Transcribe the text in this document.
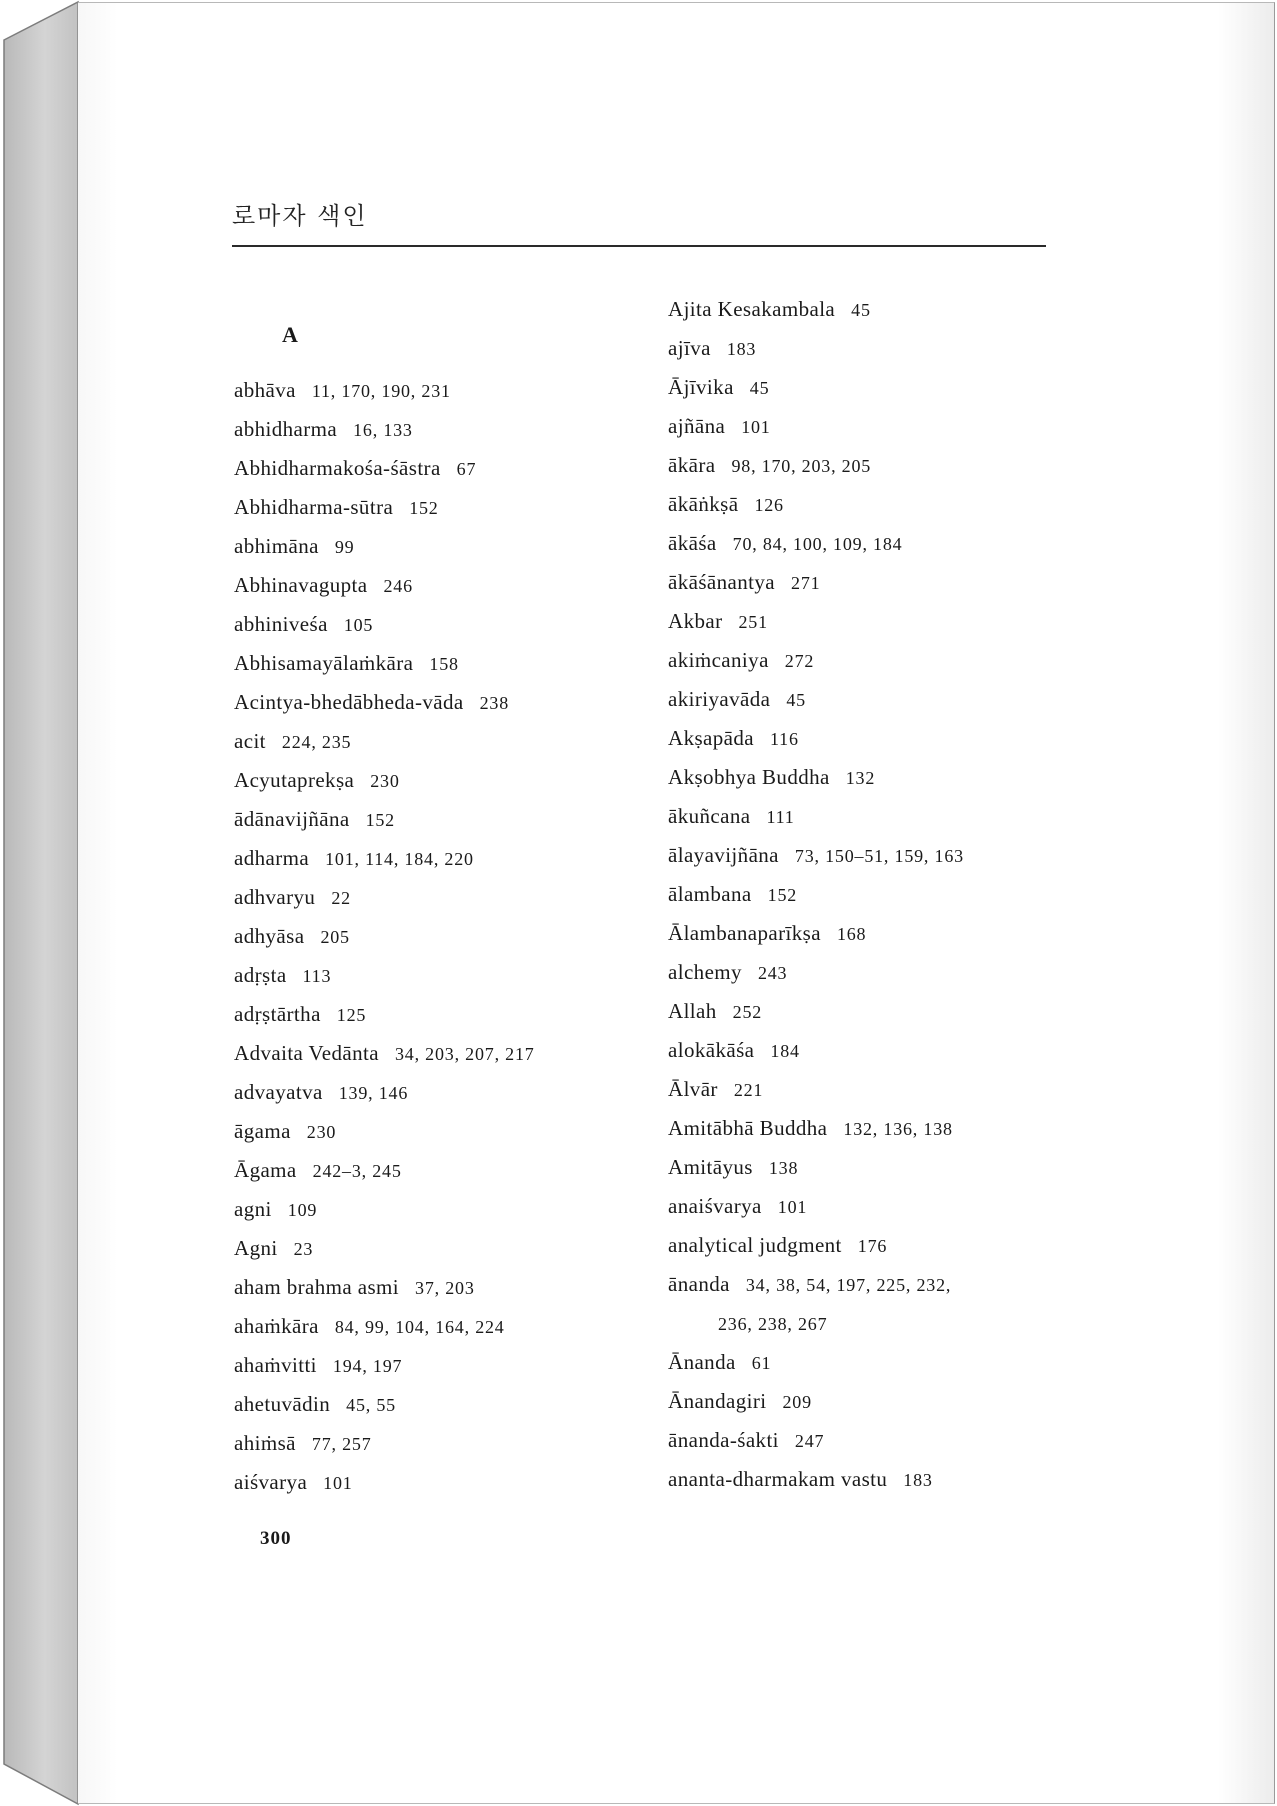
로마자 색인
A
abhāva 11, 170, 190, 231
abhidharma 16, 133
Abhidharmakośa-śāstra 67
Abhidharma-sūtra 152
abhimāna 99
Abhinavagupta 246
abhiniveśa 105
Abhisamayālaṁkāra 158
Acintya-bhedābheda-vāda 238
acit 224, 235
Acyutaprekṣa 230
ādānavijñāna 152
adharma 101, 114, 184, 220
adhvaryu 22
adhyāsa 205
adṛṣta 113
adṛṣtārtha 125
Advaita Vedānta 34, 203, 207, 217
advayatva 139, 146
āgama 230
Āgama 242–3, 245
agni 109
Agni 23
aham brahma asmi 37, 203
ahaṁkāra 84, 99, 104, 164, 224
ahaṁvitti 194, 197
ahetuvādin 45, 55
ahiṁsā 77, 257
aiśvarya 101
Ajita Kesakambala 45
ajīva 183
Ājīvika 45
ajñāna 101
ākāra 98, 170, 203, 205
ākāṅkṣā 126
ākāśa 70, 84, 100, 109, 184
ākāśānantya 271
Akbar 251
akiṁcaniya 272
akiriyavāda 45
Akṣapāda 116
Akṣobhya Buddha 132
ākuñcana 111
ālayavijñāna 73, 150–51, 159, 163
ālambana 152
Ālambanaparīkṣa 168
alchemy 243
Allah 252
alokākāśa 184
Ālvār 221
Amitābhā Buddha 132, 136, 138
Amitāyus 138
anaiśvarya 101
analytical judgment 176
ānanda 34, 38, 54, 197, 225, 232,
236, 238, 267
Ānanda 61
Ānandagiri 209
ānanda-śakti 247
ananta-dharmakam vastu 183
300
